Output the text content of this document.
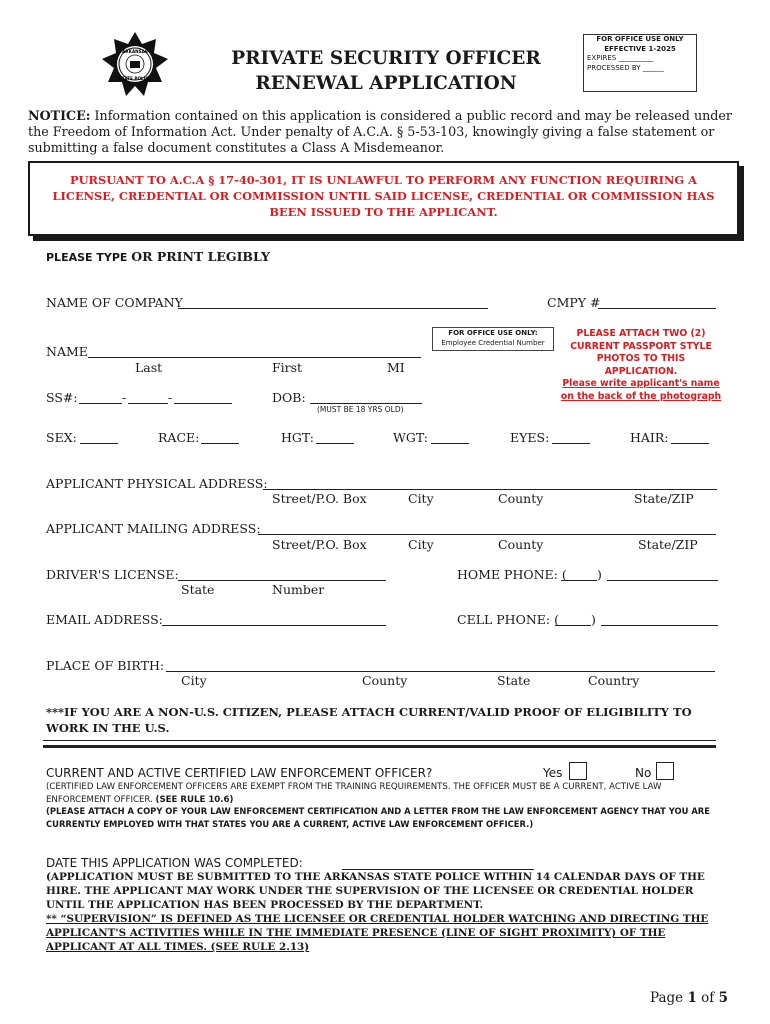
ARKANSAS
STATE POLICE
PRIVATE SECURITY OFFICER
RENEWAL APPLICATION
FOR OFFICE USE ONLY
EFFECTIVE 1-2025
EXPIRES __________
PROCESSED BY ______
NOTICE: Information contained on this application is considered a public record and may be released under the Freedom of Information Act. Under penalty of A.C.A. § 5-53-103, knowingly giving a false statement or submitting a false document constitutes a Class A Misdemeanor.
PURSUANT TO A.C.A § 17-40-301, IT IS UNLAWFUL TO PERFORM ANY FUNCTION REQUIRING A LICENSE, CREDENTIAL OR COMMISSION UNTIL SAID LICENSE, CREDENTIAL OR COMMISSION HAS BEEN ISSUED TO THE APPLICANT.
PLEASE TYPE OR PRINT LEGIBLY
NAME OF COMPANY	CMPY #
FOR OFFICE USE ONLY:
Employee Credential Number
PLEASE ATTACH TWO (2)
CURRENT PASSPORT STYLE
PHOTOS TO THIS
APPLICATION.
Please write applicant's name
on the back of the photograph
NAME
Last	First	MI
SS#:	-	-	DOB:
(MUST BE 18 YRS OLD)
SEX:	RACE:	HGT:	WGT:	EYES:	HAIR:
APPLICANT PHYSICAL ADDRESS:
Street/P.O. Box	City	County	State/ZIP
APPLICANT MAILING ADDRESS:
Street/P.O. Box	City	County	State/ZIP
DRIVER'S LICENSE:
State	Number
HOME PHONE: ( )
EMAIL ADDRESS:	CELL PHONE: (	)
PLACE OF BIRTH:
City	County	State	Country
***IF YOU ARE A NON-U.S. CITIZEN, PLEASE ATTACH CURRENT/VALID PROOF OF ELIGIBILITY TO WORK IN THE U.S.
CURRENT AND ACTIVE CERTIFIED LAW ENFORCEMENT OFFICER?	Yes	No
(CERTIFIED LAW ENFORCEMENT OFFICERS ARE EXEMPT FROM THE TRAINING REQUIREMENTS. THE OFFICER MUST BE A CURRENT, ACTIVE LAW ENFORCEMENT OFFICER. (SEE RULE 10.6)
(PLEASE ATTACH A COPY OF YOUR LAW ENFORCEMENT CERTIFICATION AND A LETTER FROM THE LAW ENFORCEMENT AGENCY THAT YOU ARE CURRENTLY EMPLOYED WITH THAT STATES YOU ARE A CURRENT, ACTIVE LAW ENFORCEMENT OFFICER.)
DATE THIS APPLICATION WAS COMPLETED:
(APPLICATION MUST BE SUBMITTED TO THE ARKANSAS STATE POLICE WITHIN 14 CALENDAR DAYS OF THE HIRE. THE APPLICANT MAY WORK UNDER THE SUPERVISION OF THE LICENSEE OR CREDENTIAL HOLDER UNTIL THE APPLICATION HAS BEEN PROCESSED BY THE DEPARTMENT.
** “SUPERVISION” IS DEFINED AS THE LICENSEE OR CREDENTIAL HOLDER WATCHING AND DIRECTING THE APPLICANT'S ACTIVITIES WHILE IN THE IMMEDIATE PRESENCE (LINE OF SIGHT PROXIMITY) OF THE APPLICANT AT ALL TIMES. (SEE RULE 2.13)
Page 1 of 5
